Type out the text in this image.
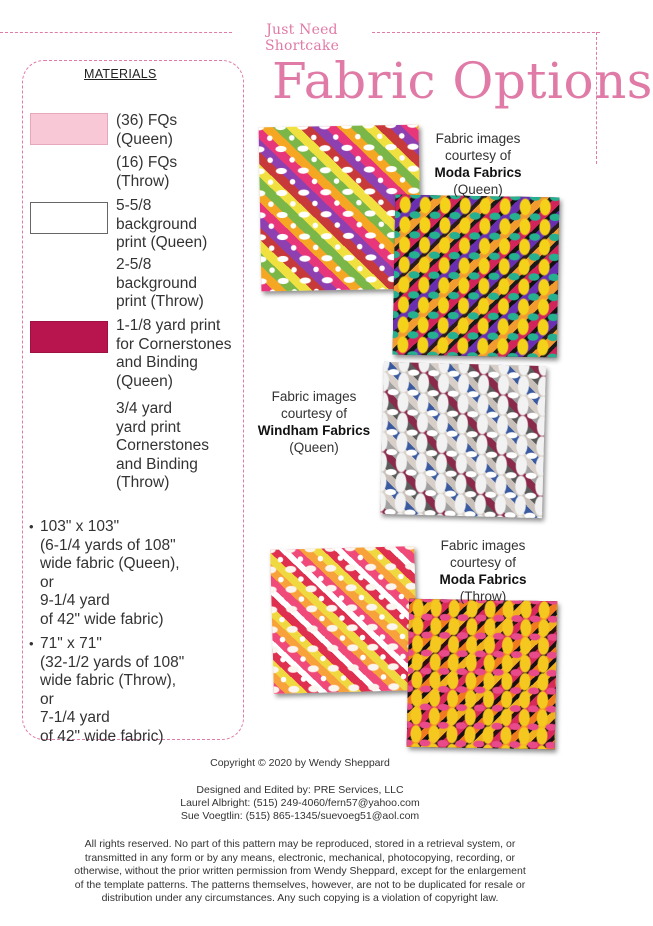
Just Need Shortcake
Fabric Options
MATERIALS
(36) FQs
(Queen)
(16) FQs
(Throw)
5-5/8
background
print (Queen)
2-5/8
background
print (Throw)
1-1/8 yard print
for Cornerstones
and Binding
(Queen)
3/4 yard
yard print
Cornerstones
and Binding
(Throw)
• 103" x 103"
(6-1/4 yards of 108"
wide fabric (Queen),
or
9-1/4 yard
of 42" wide fabric)
• 71" x 71"
(32-1/2 yards of 108"
wide fabric (Throw),
or
7-1/4 yard
of 42" wide fabric)
Fabric images
courtesy of
Moda Fabrics
(Queen)
Fabric images
courtesy of
Windham Fabrics
(Queen)
Fabric images
courtesy of
Moda Fabrics
(Throw)
Copyright © 2020 by Wendy Sheppard
Designed and Edited by: PRE Services, LLC
Laurel Albright: (515) 249-4060/fern57@yahoo.com
Sue Voegtlin: (515) 865-1345/suevoeg51@aol.com
All rights reserved. No part of this pattern may be reproduced, stored in a retrieval system, or
transmitted in any form or by any means, electronic, mechanical, photocopying, recording, or
otherwise, without the prior written permission from Wendy Sheppard, except for the enlargement
of the template patterns. The patterns themselves, however, are not to be duplicated for resale or
distribution under any circumstances. Any such copying is a violation of copyright law.
